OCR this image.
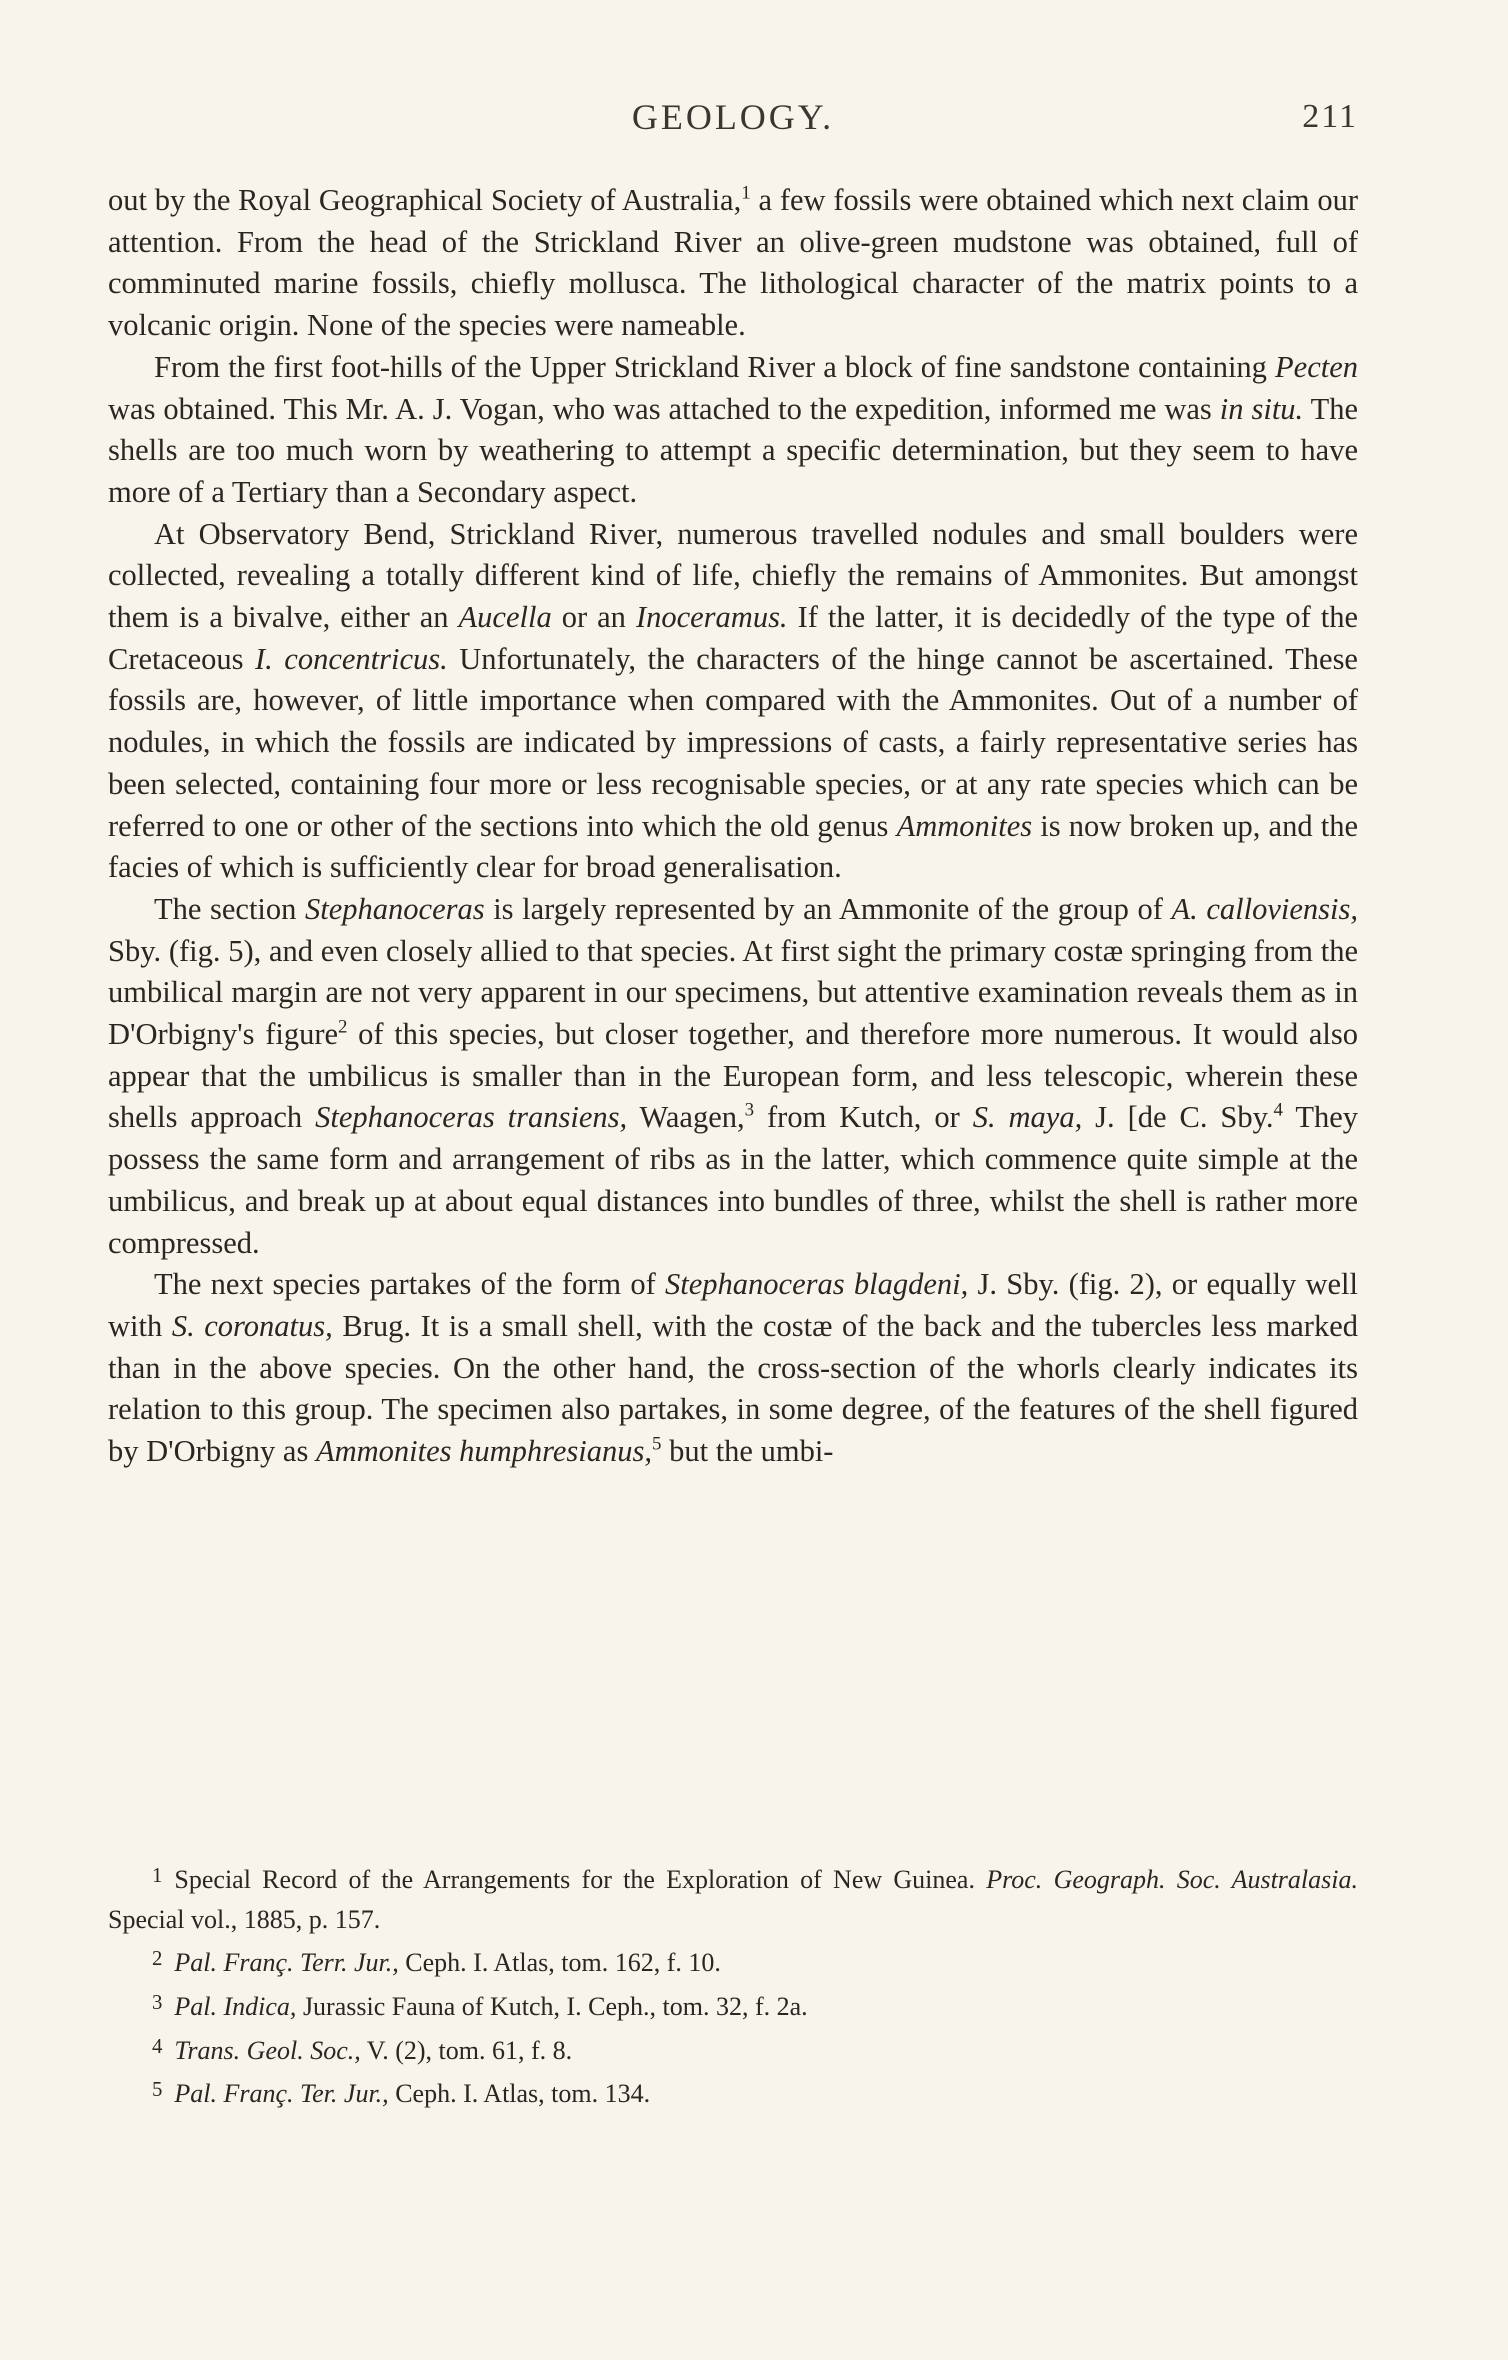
GEOLOGY.	211

out by the Royal Geographical Society of Australia,$^1$ a few fossils were obtained which next claim our attention. From the head of the Strickland River an olive-green mudstone was obtained, full of comminuted marine fossils, chiefly mollusca. The lithological character of the matrix points to a volcanic origin. None of the species were nameable.

From the first foot-hills of the Upper Strickland River a block of fine sandstone containing Pecten was obtained. This Mr. A. J. Vogan, who was attached to the expedition, informed me was in situ. The shells are too much worn by weathering to attempt a specific determination, but they seem to have more of a Tertiary than a Secondary aspect.

At Observatory Bend, Strickland River, numerous travelled nodules and small boulders were collected, revealing a totally different kind of life, chiefly the remains of Ammonites. But amongst them is a bivalve, either an Aucella or an Inoceramus. If the latter, it is decidedly of the type of the Cretaceous I. concentricus. Unfortunately, the characters of the hinge cannot be ascertained. These fossils are, however, of little importance when compared with the Ammonites. Out of a number of nodules, in which the fossils are indicated by impressions of casts, a fairly representative series has been selected, containing four more or less recognisable species, or at any rate species which can be referred to one or other of the sections into which the old genus Ammonites is now broken up, and the facies of which is sufficiently clear for broad generalisation.

The section Stephanoceras is largely represented by an Ammonite of the group of A. calloviensis, Sby. (fig. 5), and even closely allied to that species. At first sight the primary costæ springing from the umbilical margin are not very apparent in our specimens, but attentive examination reveals them as in D'Orbigny's figure$^2$ of this species, but closer together, and therefore more numerous. It would also appear that the umbilicus is smaller than in the European form, and less telescopic, wherein these shells approach Stephanoceras transiens, Waagen,$^3$ from Kutch, or S. maya, J. [de C. Sby.$^4$ They possess the same form and arrangement of ribs as in the latter, which commence quite simple at the umbilicus, and break up at about equal distances into bundles of three, whilst the shell is rather more compressed.

The next species partakes of the form of Stephanoceras blagdeni, J. Sby. (fig. 2), or equally well with S. coronatus, Brug. It is a small shell, with the costæ of the back and the tubercles less marked than in the above species. On the other hand, the cross-section of the whorls clearly indicates its relation to this group. The specimen also partakes, in some degree, of the features of the shell figured by D'Orbigny as Ammonites humphresianus,$^5$ but the umbi-

$^1$ Special Record of the Arrangements for the Exploration of New Guinea. Proc. Geograph. Soc. Australasia. Special vol., 1885, p. 157.

$^2$ Pal. Franç. Terr. Jur., Ceph. I. Atlas, tom. 162, f. 10.

$^3$ Pal. Indica, Jurassic Fauna of Kutch, I. Ceph., tom. 32, f. 2a.

$^4$ Trans. Geol. Soc., V. (2), tom. 61, f. 8.

$^5$ Pal. Franç. Ter. Jur., Ceph. I. Atlas, tom. 134.
